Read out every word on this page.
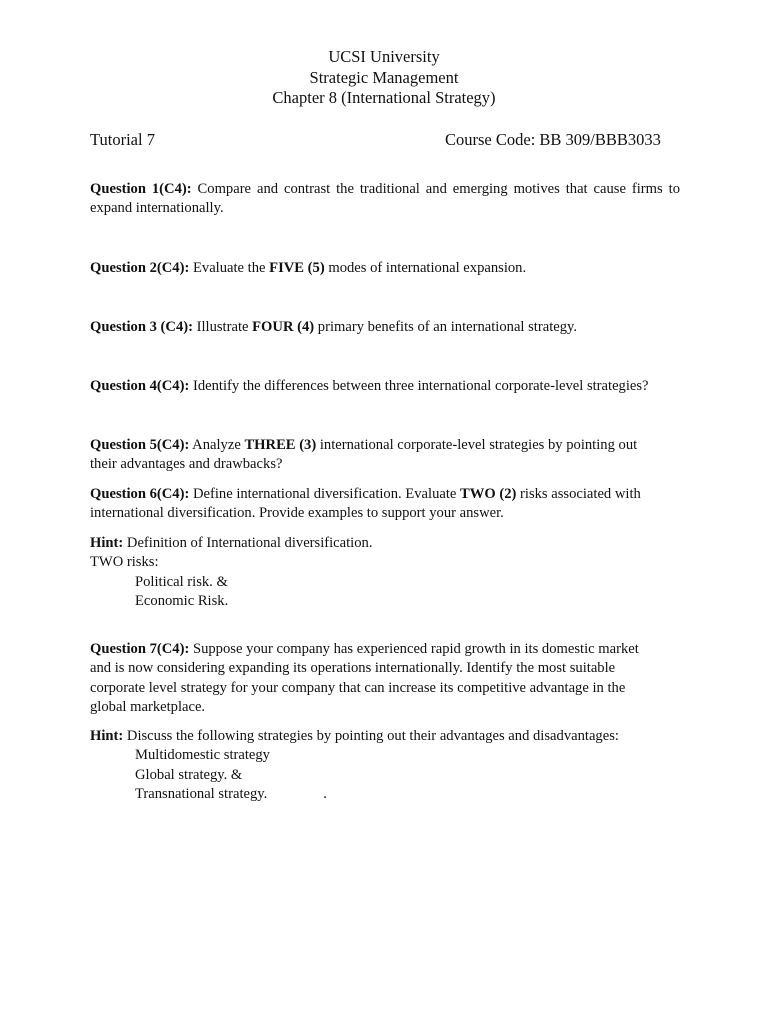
UCSI University
Strategic Management
Chapter 8 (International Strategy)
Tutorial 7	Course Code: BB 309/BBB3033
Question 1(C4): Compare and contrast the traditional and emerging motives that cause firms to expand internationally.
Question 2(C4): Evaluate the FIVE (5) modes of international expansion.
Question 3 (C4): Illustrate FOUR (4) primary benefits of an international strategy.
Question 4(C4): Identify the differences between three international corporate-level strategies?
Question 5(C4): Analyze THREE (3) international corporate-level strategies by pointing out
their advantages and drawbacks?
Question 6(C4): Define international diversification. Evaluate TWO (2) risks associated with
international diversification. Provide examples to support your answer.
Hint: Definition of International diversification.
TWO risks:
Political risk. &
Economic Risk.
Question 7(C4): Suppose your company has experienced rapid growth in its domestic market
and is now considering expanding its operations internationally. Identify the most suitable
corporate level strategy for your company that can increase its competitive advantage in the
global marketplace.
Hint: Discuss the following strategies by pointing out their advantages and disadvantages:
Multidomestic strategy
Global strategy. &
Transnational strategy.	.
